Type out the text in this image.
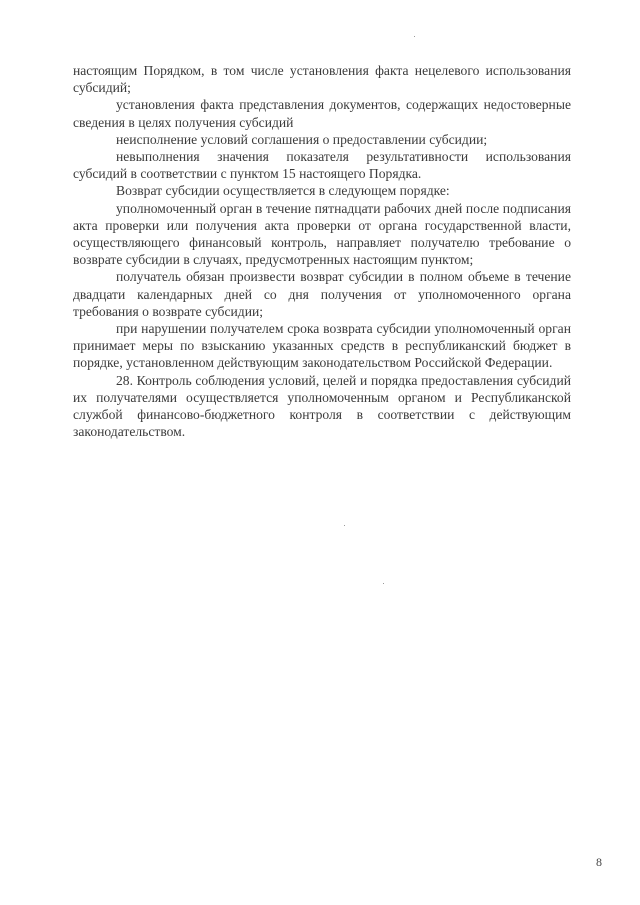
настоящим Порядком, в том числе установления факта нецелевого использования субсидий;

установления факта представления документов, содержащих недостоверные сведения в целях получения субсидий

неисполнение условий соглашения о предоставлении субсидии;

невыполнения значения показателя результативности использования субсидий в соответствии с пунктом 15 настоящего Порядка.

Возврат субсидии осуществляется в следующем порядке:

уполномоченный орган в течение пятнадцати рабочих дней после подписания акта проверки или получения акта проверки от органа государственной власти, осуществляющего финансовый контроль, направляет получателю требование о возврате субсидии в случаях, предусмотренных настоящим пунктом;

получатель обязан произвести возврат субсидии в полном объеме в течение двадцати календарных дней со дня получения от уполномоченного органа требования о возврате субсидии;

при нарушении получателем срока возврата субсидии уполномоченный орган принимает меры по взысканию указанных средств в республиканский бюджет в порядке, установленном действующим законодательством Российской Федерации.

28. Контроль соблюдения условий, целей и порядка предоставления субсидий их получателями осуществляется уполномоченным органом и Республиканской службой финансово-бюджетного контроля в соответствии с действующим законодательством.

8
